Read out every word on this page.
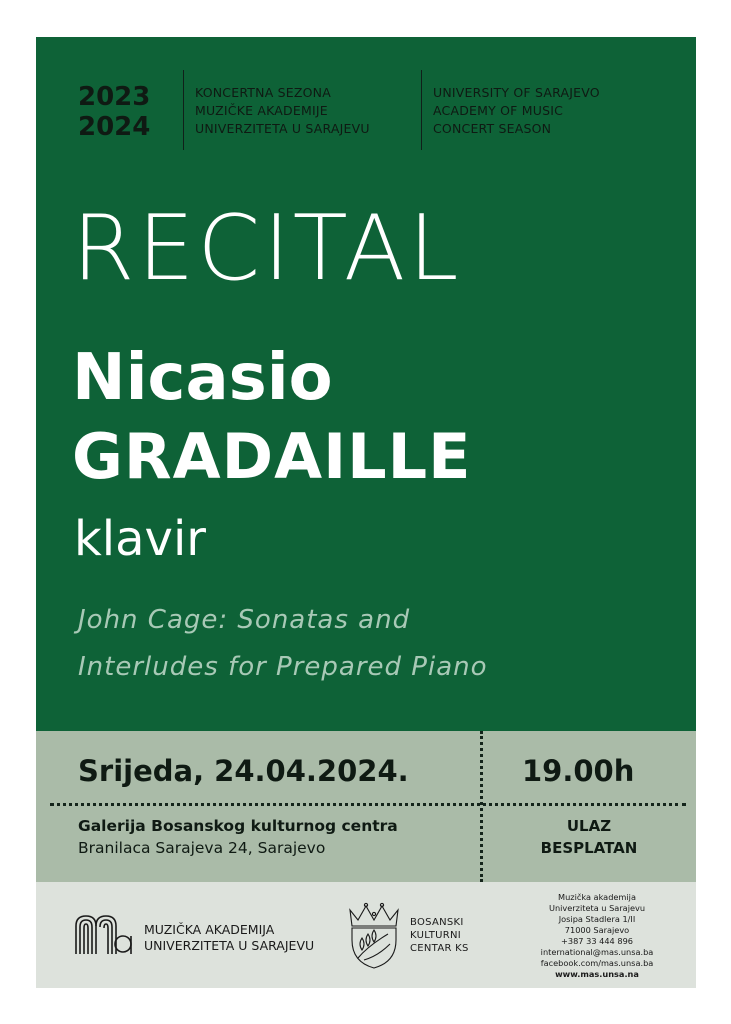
2023
2024
KONCERTNA SEZONA
MUZIČKE AKADEMIJE
UNIVERZITETA U SARAJEVU
UNIVERSITY OF SARAJEVO
ACADEMY OF MUSIC
CONCERT SEASON
RECITAL
Nicasio
GRADAILLE
klavir
John Cage: Sonatas and
Interludes for Prepared Piano
Srijeda, 24.04.2024.	19.00h
Galerija Bosanskog kulturnog centra
Branilaca Sarajeva 24, Sarajevo
ULAZ
BESPLATAN
MUZIČKA AKADEMIJA
UNIVERZITETA U SARAJEVU
BOSANSKI
KULTURNI
CENTAR KS
Muzička akademija
Univerziteta u Sarajevu
Josipa Stadlera 1/II
71000 Sarajevo
+387 33 444 896
international@mas.unsa.ba
facebook.com/mas.unsa.ba
www.mas.unsa.na
